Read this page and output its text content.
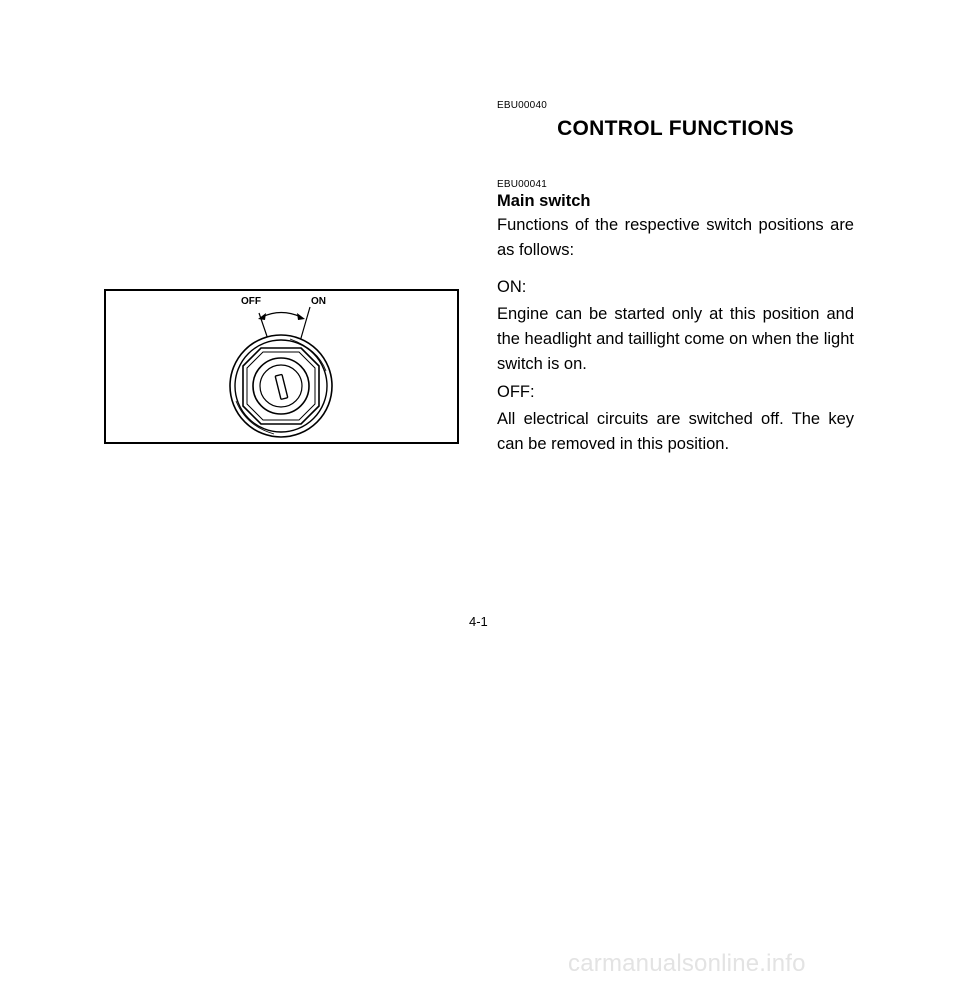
EBU00040
CONTROL FUNCTIONS
EBU00041
Main switch

Functions of the respective switch positions are as follows:

ON:

Engine can be started only at this position and the headlight and taillight come on when the light switch is on.

OFF:

All electrical circuits are switched off. The key can be removed in this position.

OFF	ON
4-1
carmanualsonline.info
